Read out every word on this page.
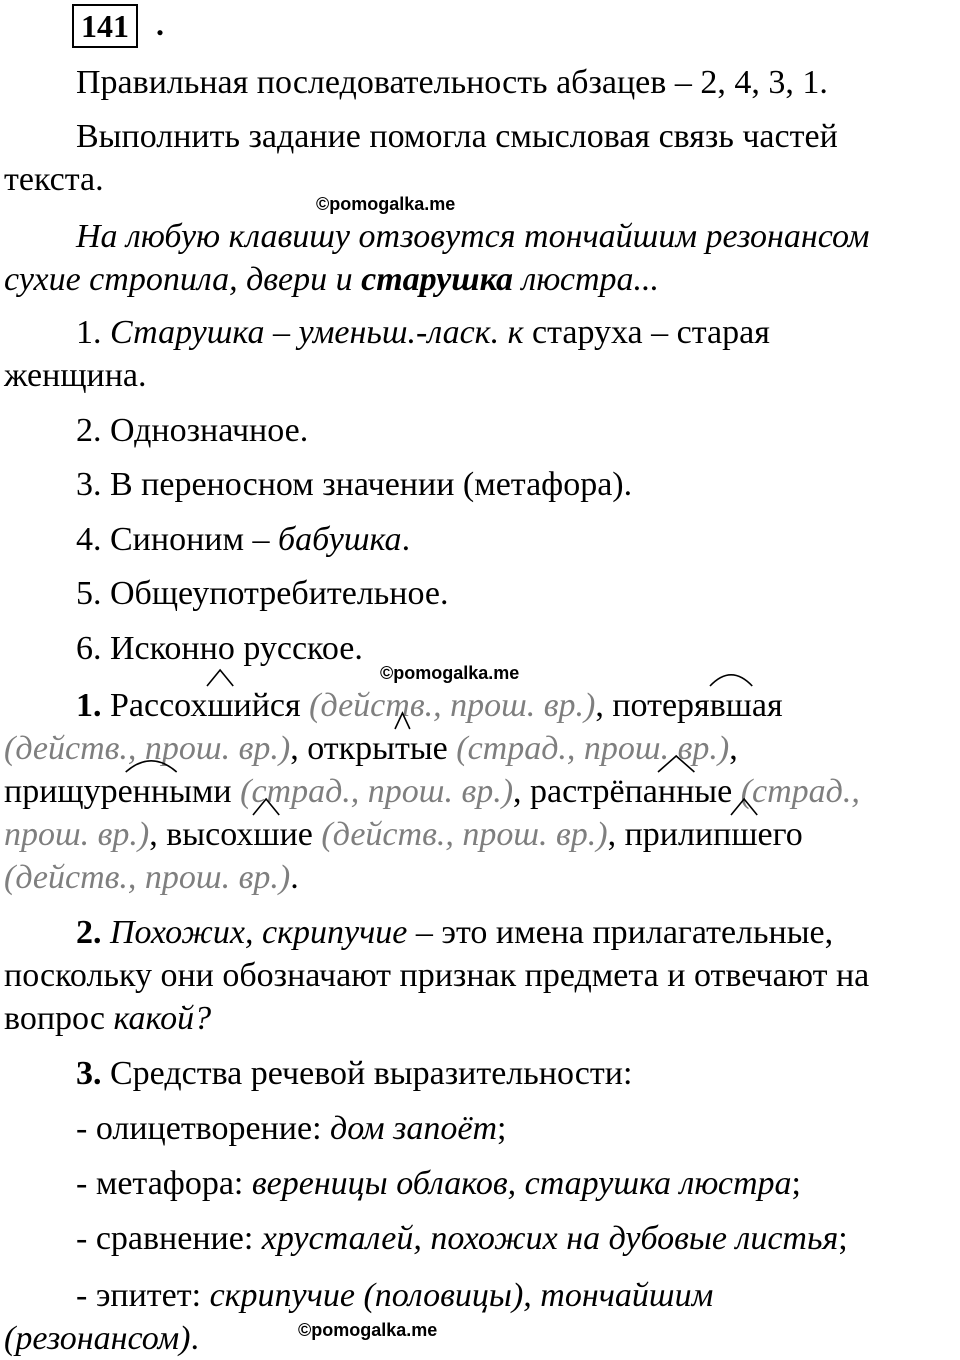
141 .

Правильная последовательность абзацев – 2, 4, 3, 1.

Выполнить задание помогла смысловая связь частей

текста.

©pomogalka.me

На любую клавишу отзовутся тончайшим резонансом

сухие стропила, двери и старушка люстра...

1. Старушка – уменьш.-ласк. к старуха – старая

женщина.

2. Однозначное.

3. В переносном значении (метафора).

4. Синоним – бабушка.

5. Общеупотребительное.

6. Исконно русское.

©pomogalka.me

1. Рассох
шийся (действ., прош. вр.), потеря
вшая

(действ., прош. вр.), откры
тые (страд., прош. вр.),

прищуре
нными (страд., прош. вр.), растрёпа
нные (страд.,

прош. вр.), высох
шие (действ., прош. вр.), прилип
шего

(действ., прош. вр.).

2. Похожих, скрипучие – это имена прилагательные,

поскольку они обозначают признак предмета и отвечают на

вопрос какой?

3. Средства речевой выразительности:

- олицетворение: дом запоёт;

- метафора: вереницы облаков, старушка люстра;

- сравнение: хрусталей, похожих на дубовые листья;

- эпитет: скрипучие (половицы), тончайшим

(резонансом).	©pomogalka.me
